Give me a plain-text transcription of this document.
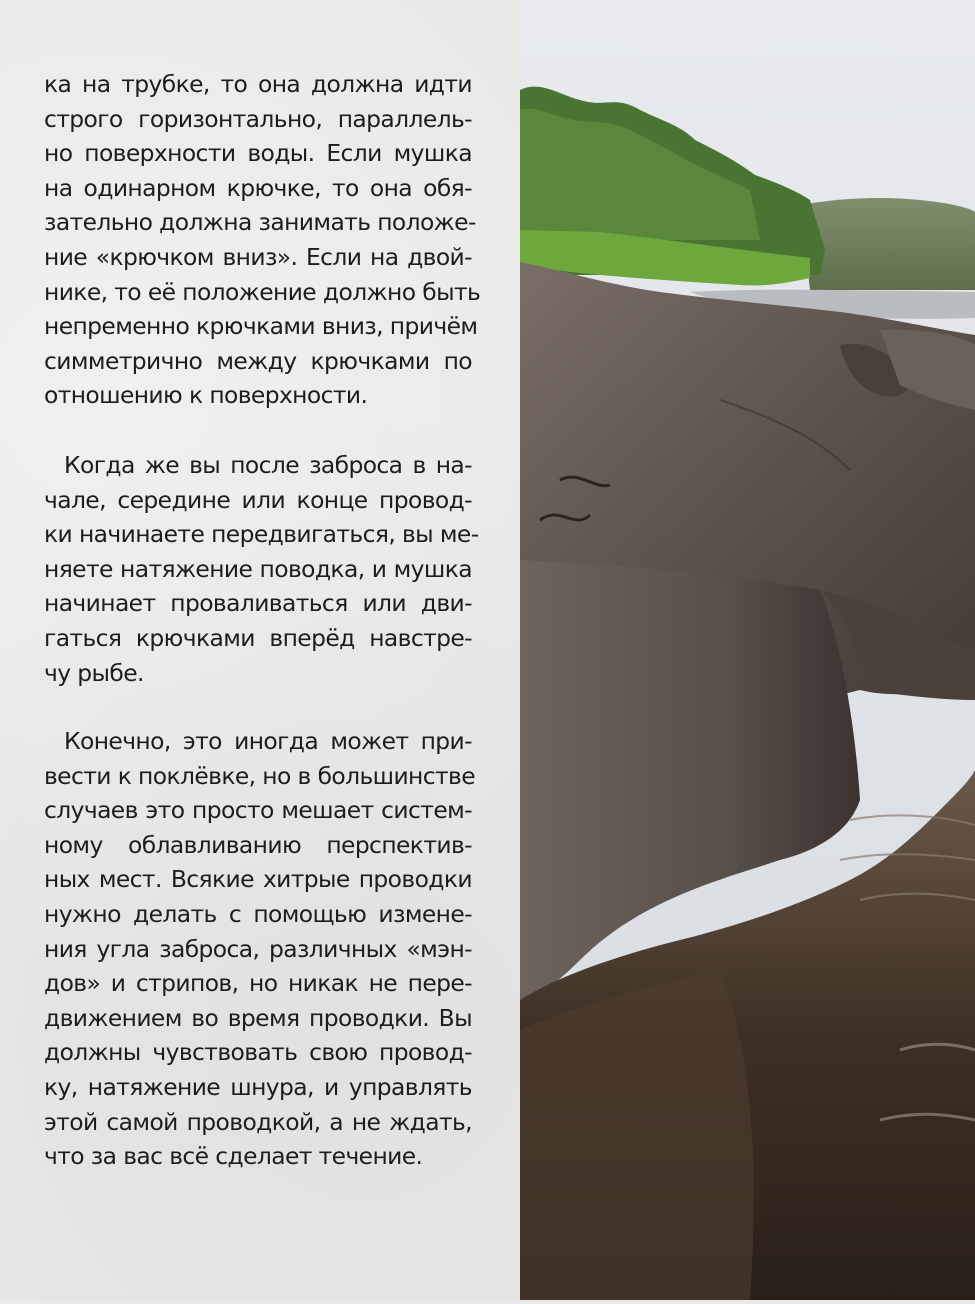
ка на трубке, то она должна идти
строго горизонтально, параллель-
но поверхности воды. Если мушка
на одинарном крючке, то она обя-
зательно должна занимать положе-
ние «крючком вниз». Если на двой-
нике, то её положение должно быть
непременно крючками вниз, причём
симметрично между крючками по
отношению к поверхности.

Когда же вы после заброса в на-
чале, середине или конце провод-
ки начинаете передвигаться, вы ме-
няете натяжение поводка, и мушка
начинает проваливаться или дви-
гаться крючками вперёд навстре-
чу рыбе.

Конечно, это иногда может при-
вести к поклёвке, но в большинстве
случаев это просто мешает систем-
ному облавливанию перспектив-
ных мест. Всякие хитрые проводки
нужно делать с помощью измене-
ния угла заброса, различных «мэн-
дов» и стрипов, но никак не пере-
движением во время проводки. Вы
должны чувствовать свою провод-
ку, натяжение шнура, и управлять
этой самой проводкой, а не ждать,
что за вас всё сделает течение.
